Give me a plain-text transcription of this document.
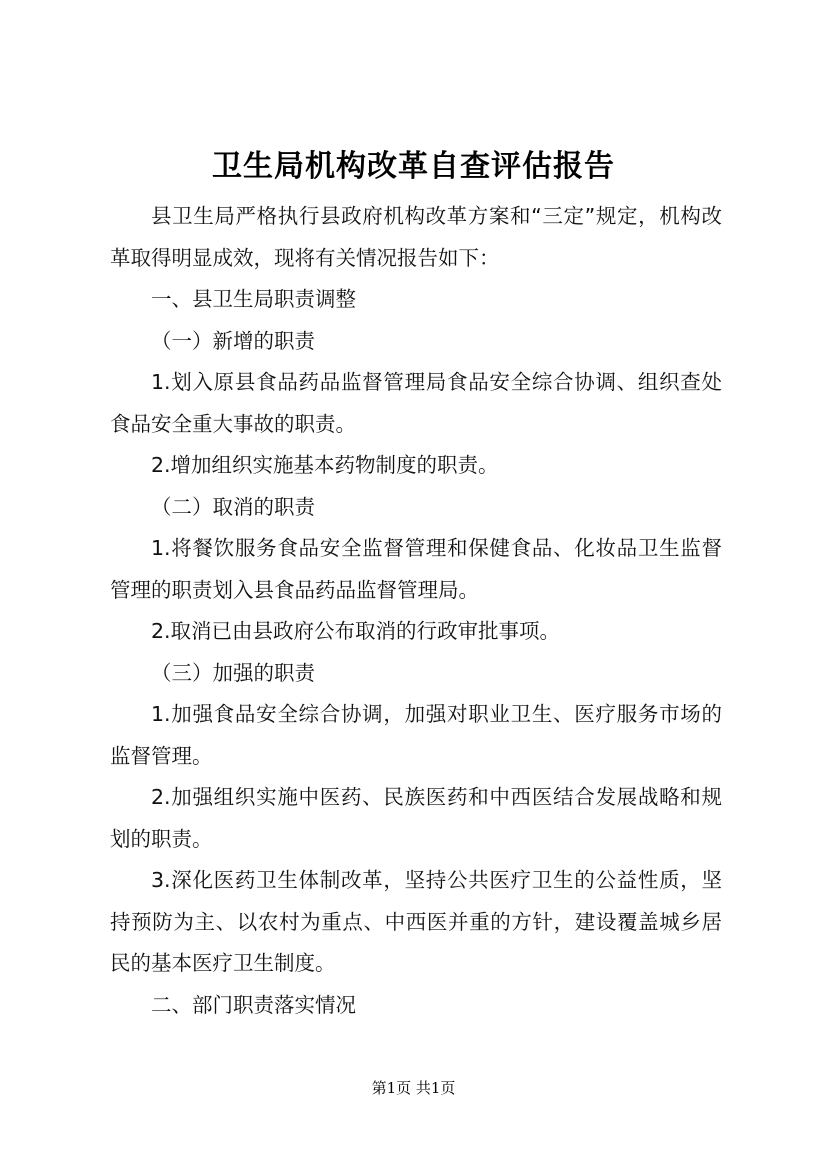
卫生局机构改革自查评估报告

县卫生局严格执行县政府机构改革方案和“三定”规定，机构改革取得明显成效，现将有关情况报告如下：

一、县卫生局职责调整

（一）新增的职责

1.划入原县食品药品监督管理局食品安全综合协调、组织查处食品安全重大事故的职责。

2.增加组织实施基本药物制度的职责。

（二）取消的职责

1.将餐饮服务食品安全监督管理和保健食品、化妆品卫生监督管理的职责划入县食品药品监督管理局。

2.取消已由县政府公布取消的行政审批事项。

（三）加强的职责

1.加强食品安全综合协调，加强对职业卫生、医疗服务市场的监督管理。

2.加强组织实施中医药、民族医药和中西医结合发展战略和规划的职责。

3.深化医药卫生体制改革，坚持公共医疗卫生的公益性质，坚持预防为主、以农村为重点、中西医并重的方针，建设覆盖城乡居民的基本医疗卫生制度。

二、部门职责落实情况

第1页 共1页
